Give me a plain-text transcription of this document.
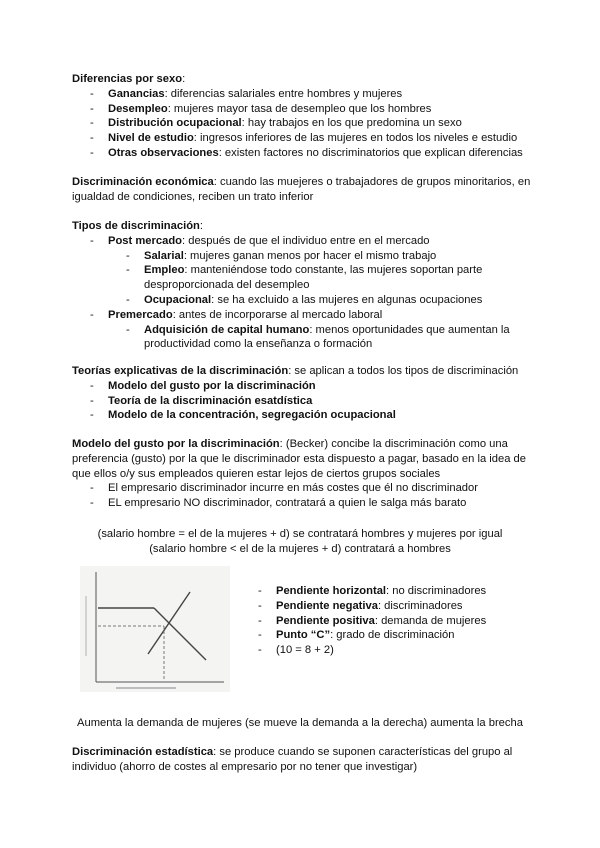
Diferencias por sexo:
- Ganancias: diferencias salariales entre hombres y mujeres
- Desempleo: mujeres mayor tasa de desempleo que los hombres
- Distribución ocupacional: hay trabajos en los que predomina un sexo
- Nivel de estudio: ingresos inferiores de las mujeres en todos los niveles e estudio
- Otras observaciones: existen factores no discriminatorios que explican diferencias
Discriminación económica: cuando las muejeres o trabajadores de grupos minoritarios, en igualdad de condiciones, reciben un trato inferior
Tipos de discriminación:
- Post mercado: después de que el individuo entre en el mercado
- Salarial: mujeres ganan menos por hacer el mismo trabajo
- Empleo: manteniéndose todo constante, las mujeres soportan parte desproporcionada del desempleo
- Ocupacional: se ha excluido a las mujeres en algunas ocupaciones
- Premercado: antes de incorporarse al mercado laboral
- Adquisición de capital humano: menos oportunidades que aumentan la productividad como la enseñanza o formación
Teorías explicativas de la discriminación: se aplican a todos los tipos de discriminación
- Modelo del gusto por la discriminación
- Teoría de la discriminación esatdística
- Modelo de la concentración, segregación ocupacional
Modelo del gusto por la discriminación: (Becker) concibe la discriminación como una preferencia (gusto) por la que le discriminador esta dispuesto a pagar, basado en la idea de que ellos o/y sus empleados quieren estar lejos de ciertos grupos sociales
- El empresario discriminador incurre en más costes que él no discriminador
- EL empresario NO discriminador, contratará a quien le salga más barato
(salario hombre = el de la mujeres + d) se contratará hombres y mujeres por igual
(salario hombre < el de la mujeres + d) contratará a hombres
- Pendiente horizontal: no discriminadores
- Pendiente negativa: discriminadores
- Pendiente positiva: demanda de mujeres
- Punto “C”: grado de discriminación
- (10 = 8 + 2)
Aumenta la demanda de mujeres (se mueve la demanda a la derecha) aumenta la brecha
Discriminación estadística: se produce cuando se suponen características del grupo al individuo (ahorro de costes al empresario por no tener que investigar)
